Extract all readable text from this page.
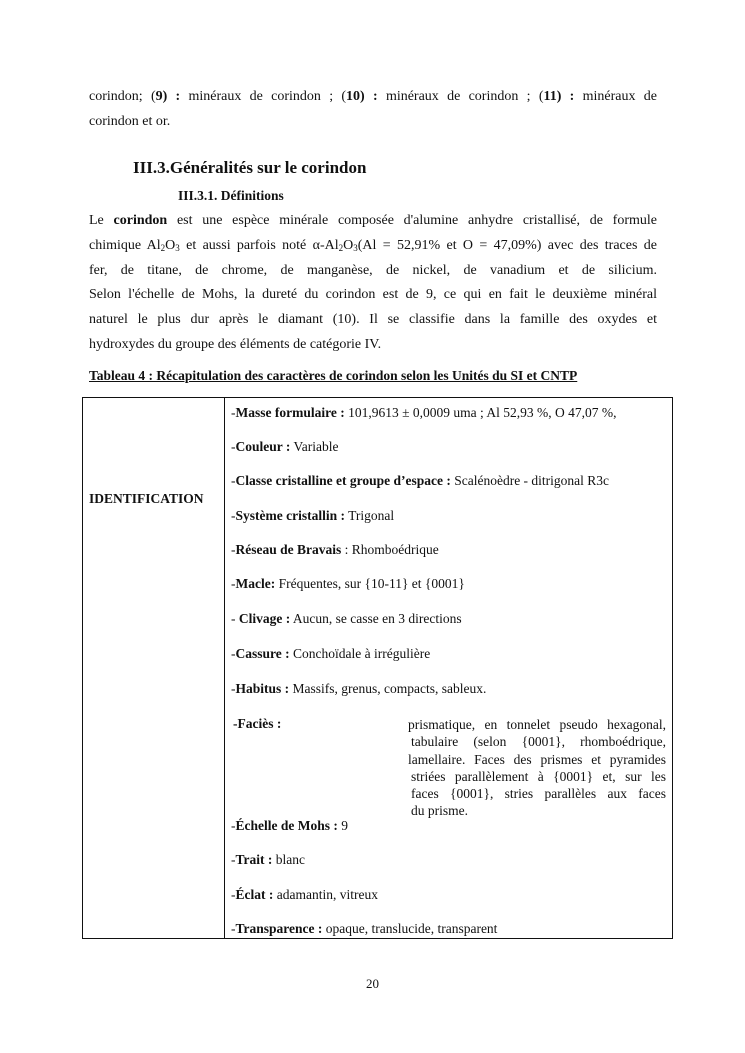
corindon; (9) : minéraux de corindon ; (10) : minéraux de corindon ; (11) : minéraux de
corindon et or.
III.3.Généralités sur le corindon
III.3.1. Définitions
Le corindon est une espèce minérale composée d'alumine anhydre cristallisé, de formule
chimique $Al_2O_3$ et aussi parfois noté $\alpha-Al_2O_3(Al = 52,91\%$ et O = 47,09%) avec des traces de
fer, de titane, de chrome, de manganèse, de nickel, de vanadium et de silicium.
Selon l'échelle de Mohs, la dureté du corindon est de 9, ce qui en fait le deuxième minéral
naturel le plus dur après le diamant (10). Il se classifie dans la famille des oxydes et
hydroxydes du groupe des éléments de catégorie IV.
Tableau 4 : Récapitulation des caractères de corindon selon les Unités du SI et CNTP
IDENTIFICATION
-Masse formulaire : 101,9613 ± 0,0009 uma ; Al 52,93 %, O 47,07 %,
-Couleur : Variable
-Classe cristalline et groupe d’espace : Scalénoèdre - ditrigonal R3c
-Système cristallin : Trigonal
-Réseau de Bravais : Rhomboédrique
-Macle: Fréquentes, sur {10-11} et {0001}
- Clivage : Aucun, se casse en 3 directions
-Cassure : Conchoïdale à irrégulière
-Habitus : Massifs, grenus, compacts, sableux.
-Faciès :	prismatique, en tonnelet pseudo hexagonal,
tabulaire (selon {0001}, rhomboédrique,
lamellaire. Faces des prismes et pyramides
striées parallèlement à {0001} et, sur les
faces {0001}, stries parallèles aux faces
du prisme.
-Échelle de Mohs : 9
-Trait : blanc
-Éclat : adamantin, vitreux
-Transparence : opaque, translucide, transparent
20
